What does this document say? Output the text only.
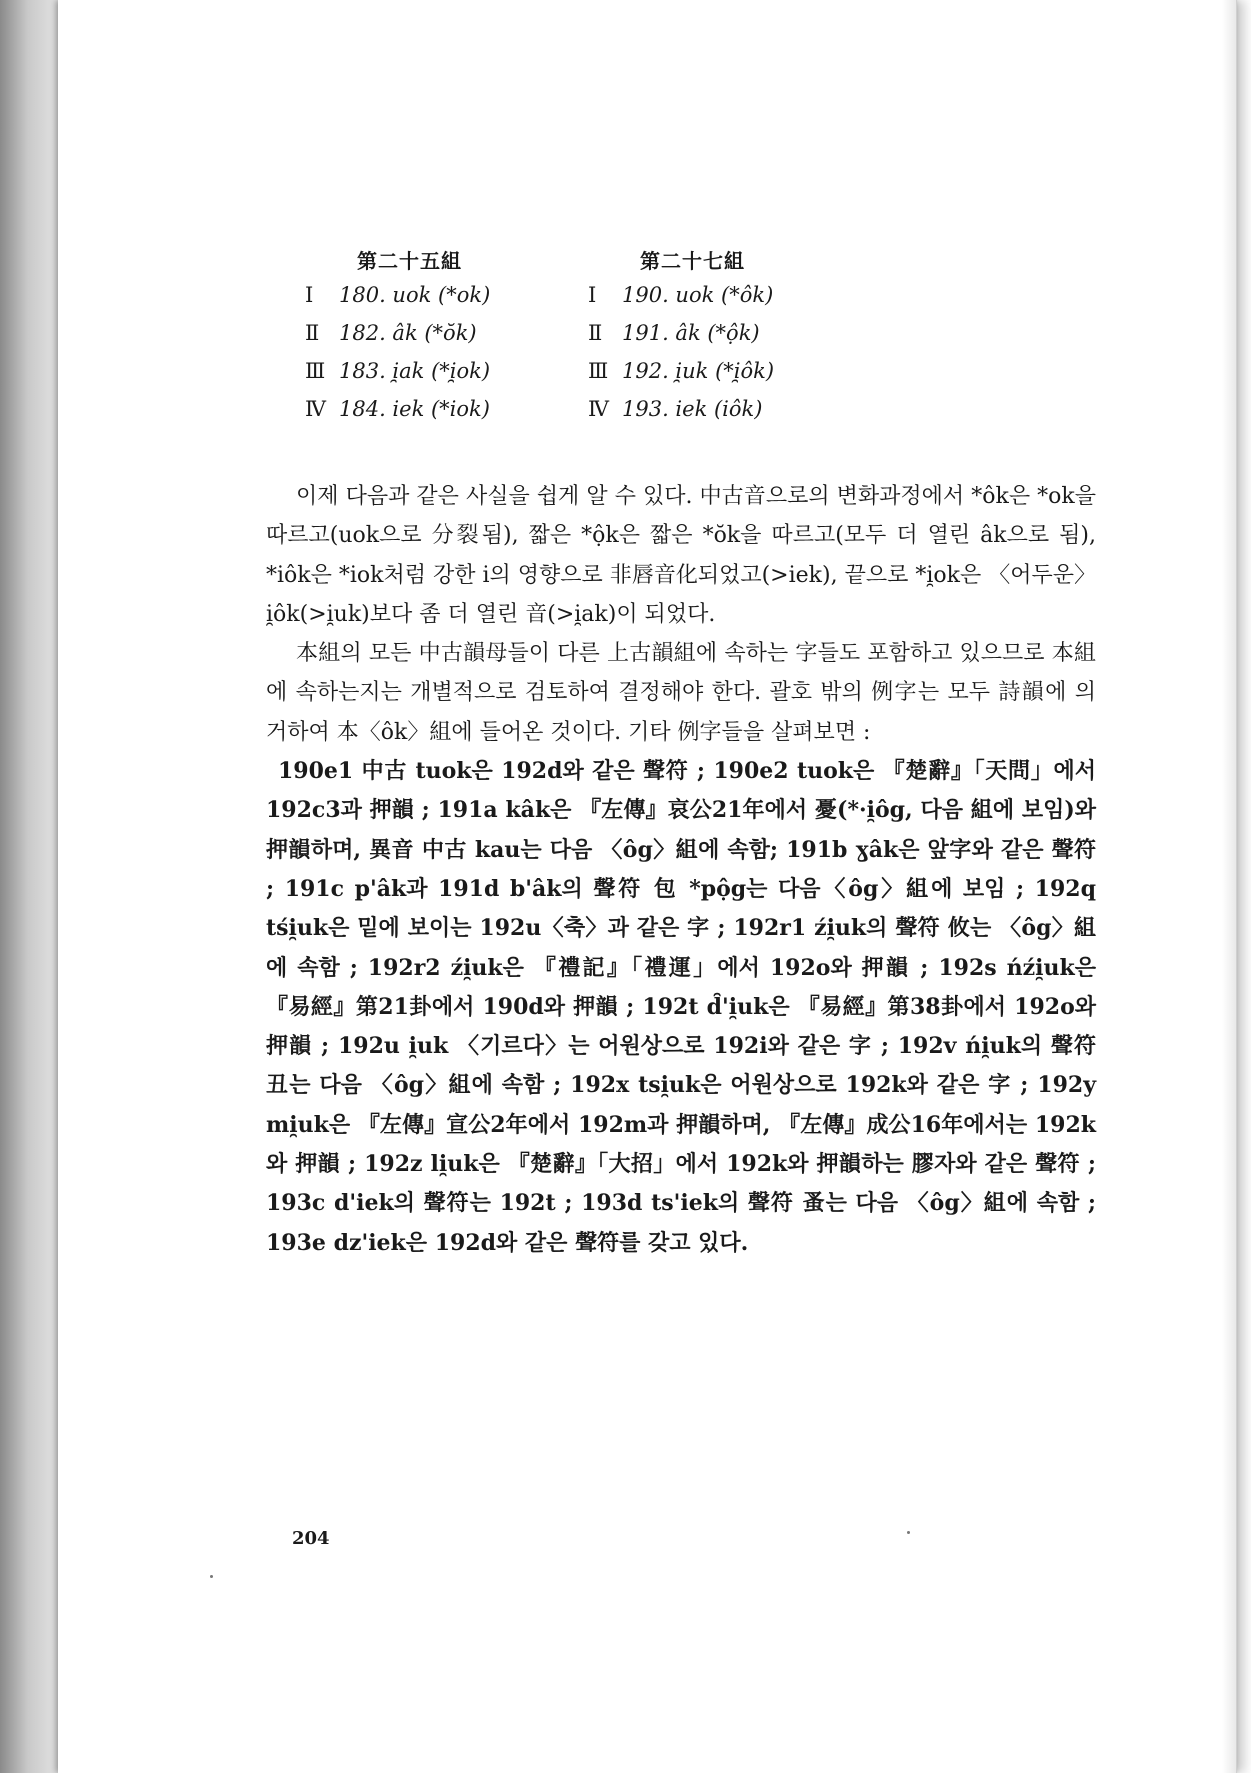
第二十五組
Ⅰ 180. uok (*ok)
Ⅱ 182. âk (*ŏk)
Ⅲ 183. i̯ak (*i̯ok)
Ⅳ 184. iek (*iok)
第二十七組
Ⅰ 190. uok (*ôk)
Ⅱ 191. âk (*ộk)
Ⅲ 192. i̯uk (*i̯ôk)
Ⅳ 193. iek (iôk)

이제 다음과 같은 사실을 쉽게 알 수 있다. 中古音으로의 변화과정에서 *ôk은 *ok을 따르고(uok으로 分裂됨), 짧은 *ộk은 짧은 *ŏk을 따르고(모두 더 열린 âk으로 됨), *iôk은 *iok처럼 강한 i의 영향으로 非唇音化되었고(>iek), 끝으로 *i̯ok은 〈어두운〉 i̯ôk(>i̯uk)보다 좀 더 열린 音(>i̯ak)이 되었다.

本組의 모든 中古韻母들이 다른 上古韻組에 속하는 字들도 포함하고 있으므로 本組에 속하는지는 개별적으로 검토하여 결정해야 한다. 괄호 밖의 例字는 모두 詩韻에 의거하여 本〈ôk〉組에 들어온 것이다. 기타 例字들을 살펴보면 :

190e1 中古 tuok은 192d와 같은 聲符 ; 190e2 tuok은 『楚辭』「天問」에서 192c3과 押韻 ; 191a kâk은 『左傳』哀公21年에서 憂(*·i̯ôg, 다음 組에 보임)와 押韻하며, 異音 中古 kau는 다음 〈ôg〉組에 속함; 191b ɣâk은 앞字와 같은 聲符 ; 191c p'âk과 191d b'âk의 聲符 包 *pộg는 다음〈ôg〉組에 보임 ; 192q tśi̯uk은 밑에 보이는 192u〈축〉과 같은 字 ; 192r1 źi̯uk의 聲符 攸는 〈ôg〉組에 속함 ; 192r2 źi̯uk은 『禮記』「禮運」에서 192o와 押韻 ; 192s ńźi̯uk은 『易經』第21卦에서 190d와 押韻 ; 192t d̑'i̯uk은 『易經』第38卦에서 192o와 押韻 ; 192u i̯uk 〈기르다〉는 어원상으로 192i와 같은 字 ; 192v ńi̯uk의 聲符 丑는 다음 〈ôg〉組에 속함 ; 192x tsi̯uk은 어원상으로 192k와 같은 字 ; 192y mi̯uk은 『左傳』宣公2年에서 192m과 押韻하며, 『左傳』成公16年에서는 192k와 押韻 ; 192z li̯uk은 『楚辭』「大招」에서 192k와 押韻하는 膠자와 같은 聲符 ; 193c d'iek의 聲符는 192t ; 193d ts'iek의 聲符 蚤는 다음 〈ôg〉組에 속함 ; 193e dz'iek은 192d와 같은 聲符를 갖고 있다.

204
